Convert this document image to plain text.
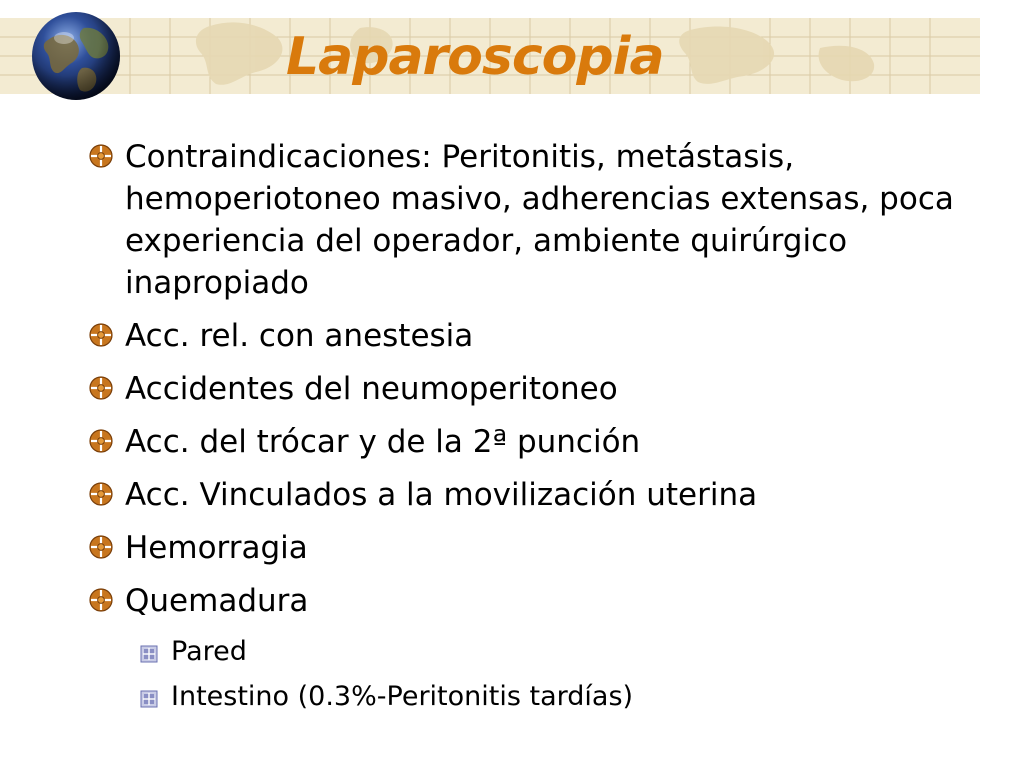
Laparoscopia
Contraindicaciones: Peritonitis, metástasis, hemoperiotoneo masivo, adherencias extensas, poca experiencia del operador, ambiente quirúrgico inapropiado
Acc. rel. con anestesia
Accidentes del neumoperitoneo
Acc. del trócar y de la 2ª punción
Acc. Vinculados a la movilización uterina
Hemorragia
Quemadura
Pared
Intestino (0.3%-Peritonitis tardías)
